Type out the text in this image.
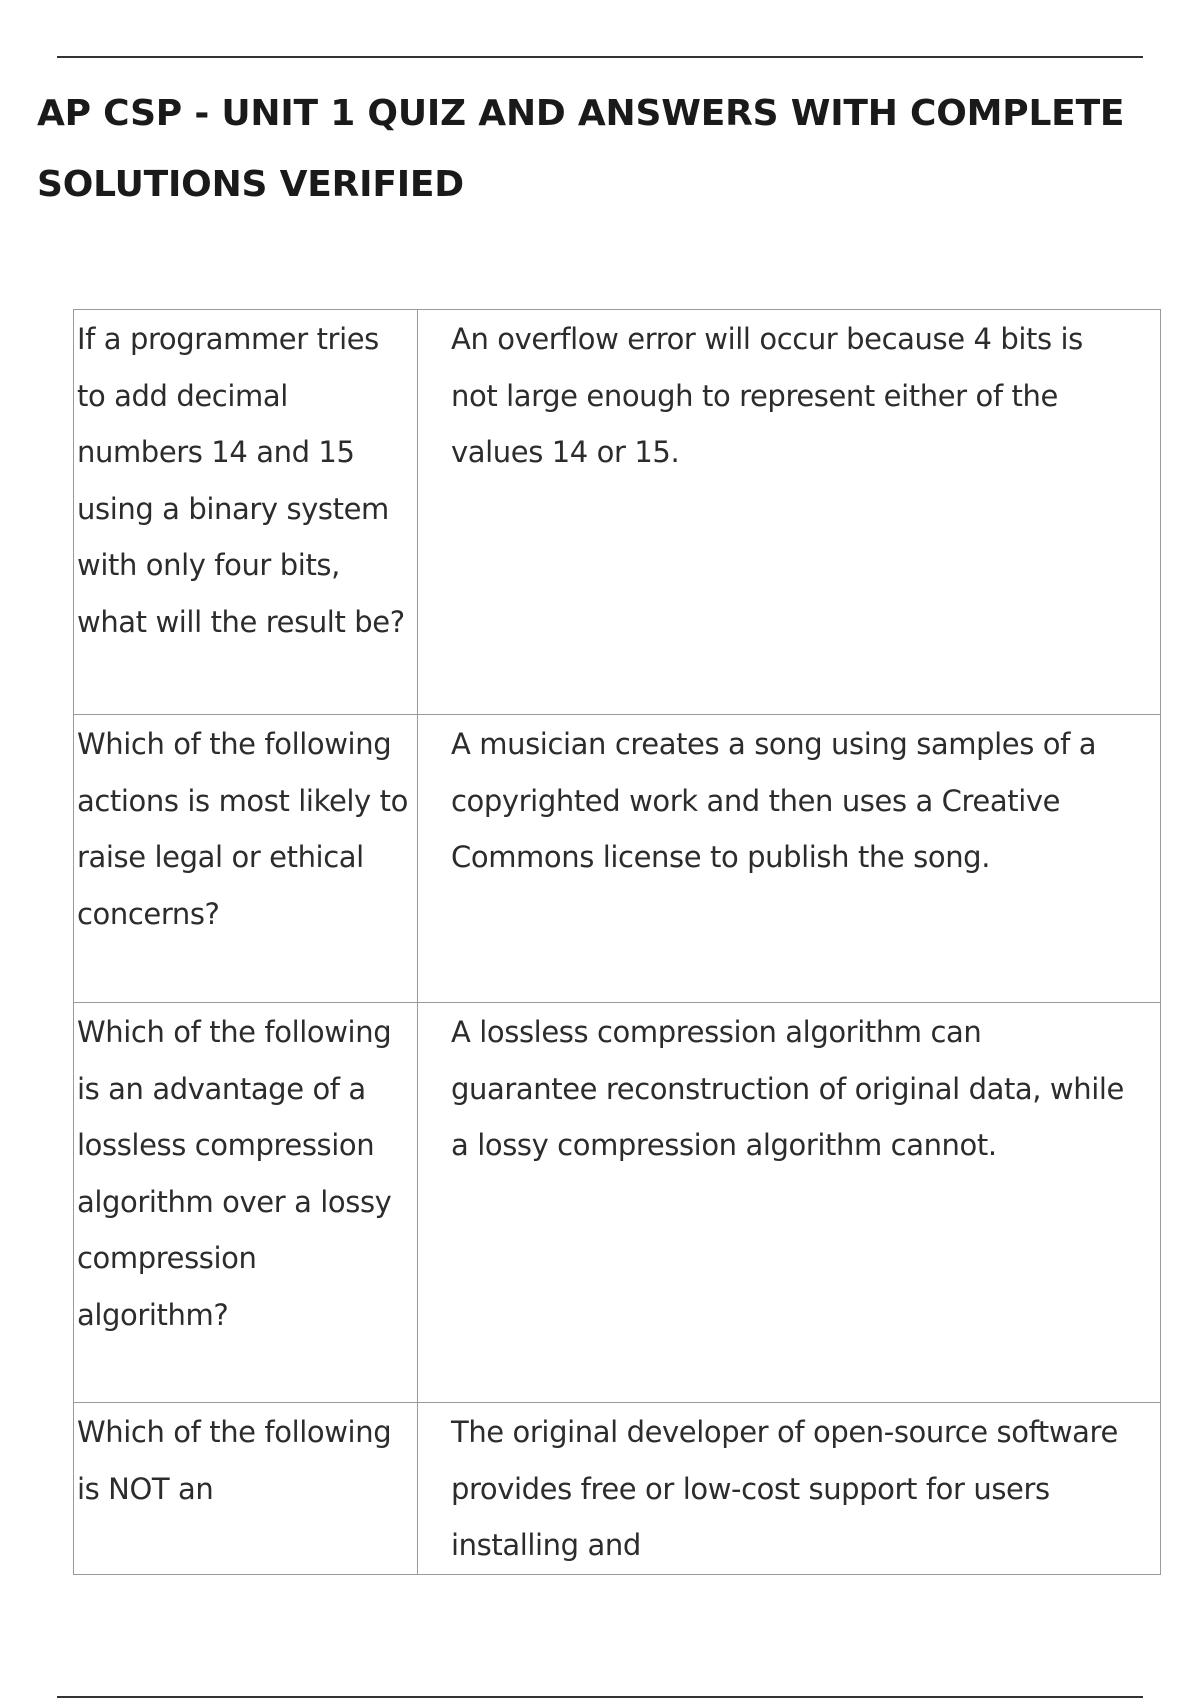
AP CSP - UNIT 1 QUIZ AND ANSWERS WITH COMPLETE SOLUTIONS VERIFIED
If a programmer tries to add decimal numbers 14 and 15 using a binary system with only four bits, what will the result be?	An overflow error will occur because 4 bits is not large enough to represent either of the values 14 or 15.

Which of the following actions is most likely to raise legal or ethical concerns?	A musician creates a song using samples of a copyrighted work and then uses a Creative Commons license to publish the song.

Which of the following is an advantage of a lossless compression algorithm over a lossy compression algorithm?	A lossless compression algorithm can guarantee reconstruction of original data, while a lossy compression algorithm cannot.

Which of the following is NOT an	The original developer of open-source software provides free or low-cost support for users installing and
